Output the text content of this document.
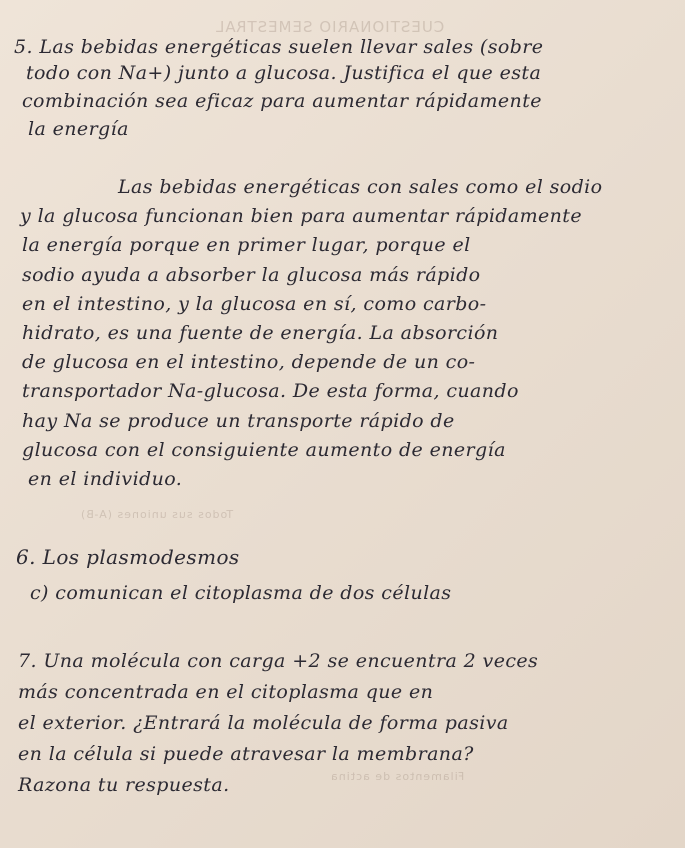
CUESTIONARIO SEMESTRAL
Todos sus uniones (A-B)
Filamentos de actina
5. Las bebidas energéticas suelen llevar sales (sobre
todo con Na+) junto a glucosa. Justifica el que esta
combinación sea eficaz para aumentar rápidamente
la energía
Las bebidas energéticas con sales como el sodio
y la glucosa funcionan bien para aumentar rápidamente
la energía porque en primer lugar, porque el
sodio ayuda a absorber la glucosa más rápido
en el intestino, y la glucosa en sí, como carbo-
hidrato, es una fuente de energía. La absorción
de glucosa en el intestino, depende de un co-
transportador Na-glucosa. De esta forma, cuando
hay Na se produce un transporte rápido de
glucosa con el consiguiente aumento de energía
en el individuo.
6. Los plasmodesmos
c) comunican el citoplasma de dos células
7. Una molécula con carga +2 se encuentra 2 veces
más concentrada en el citoplasma que en
el exterior. ¿Entrará la molécula de forma pasiva
en la célula si puede atravesar la membrana?
Razona tu respuesta.
